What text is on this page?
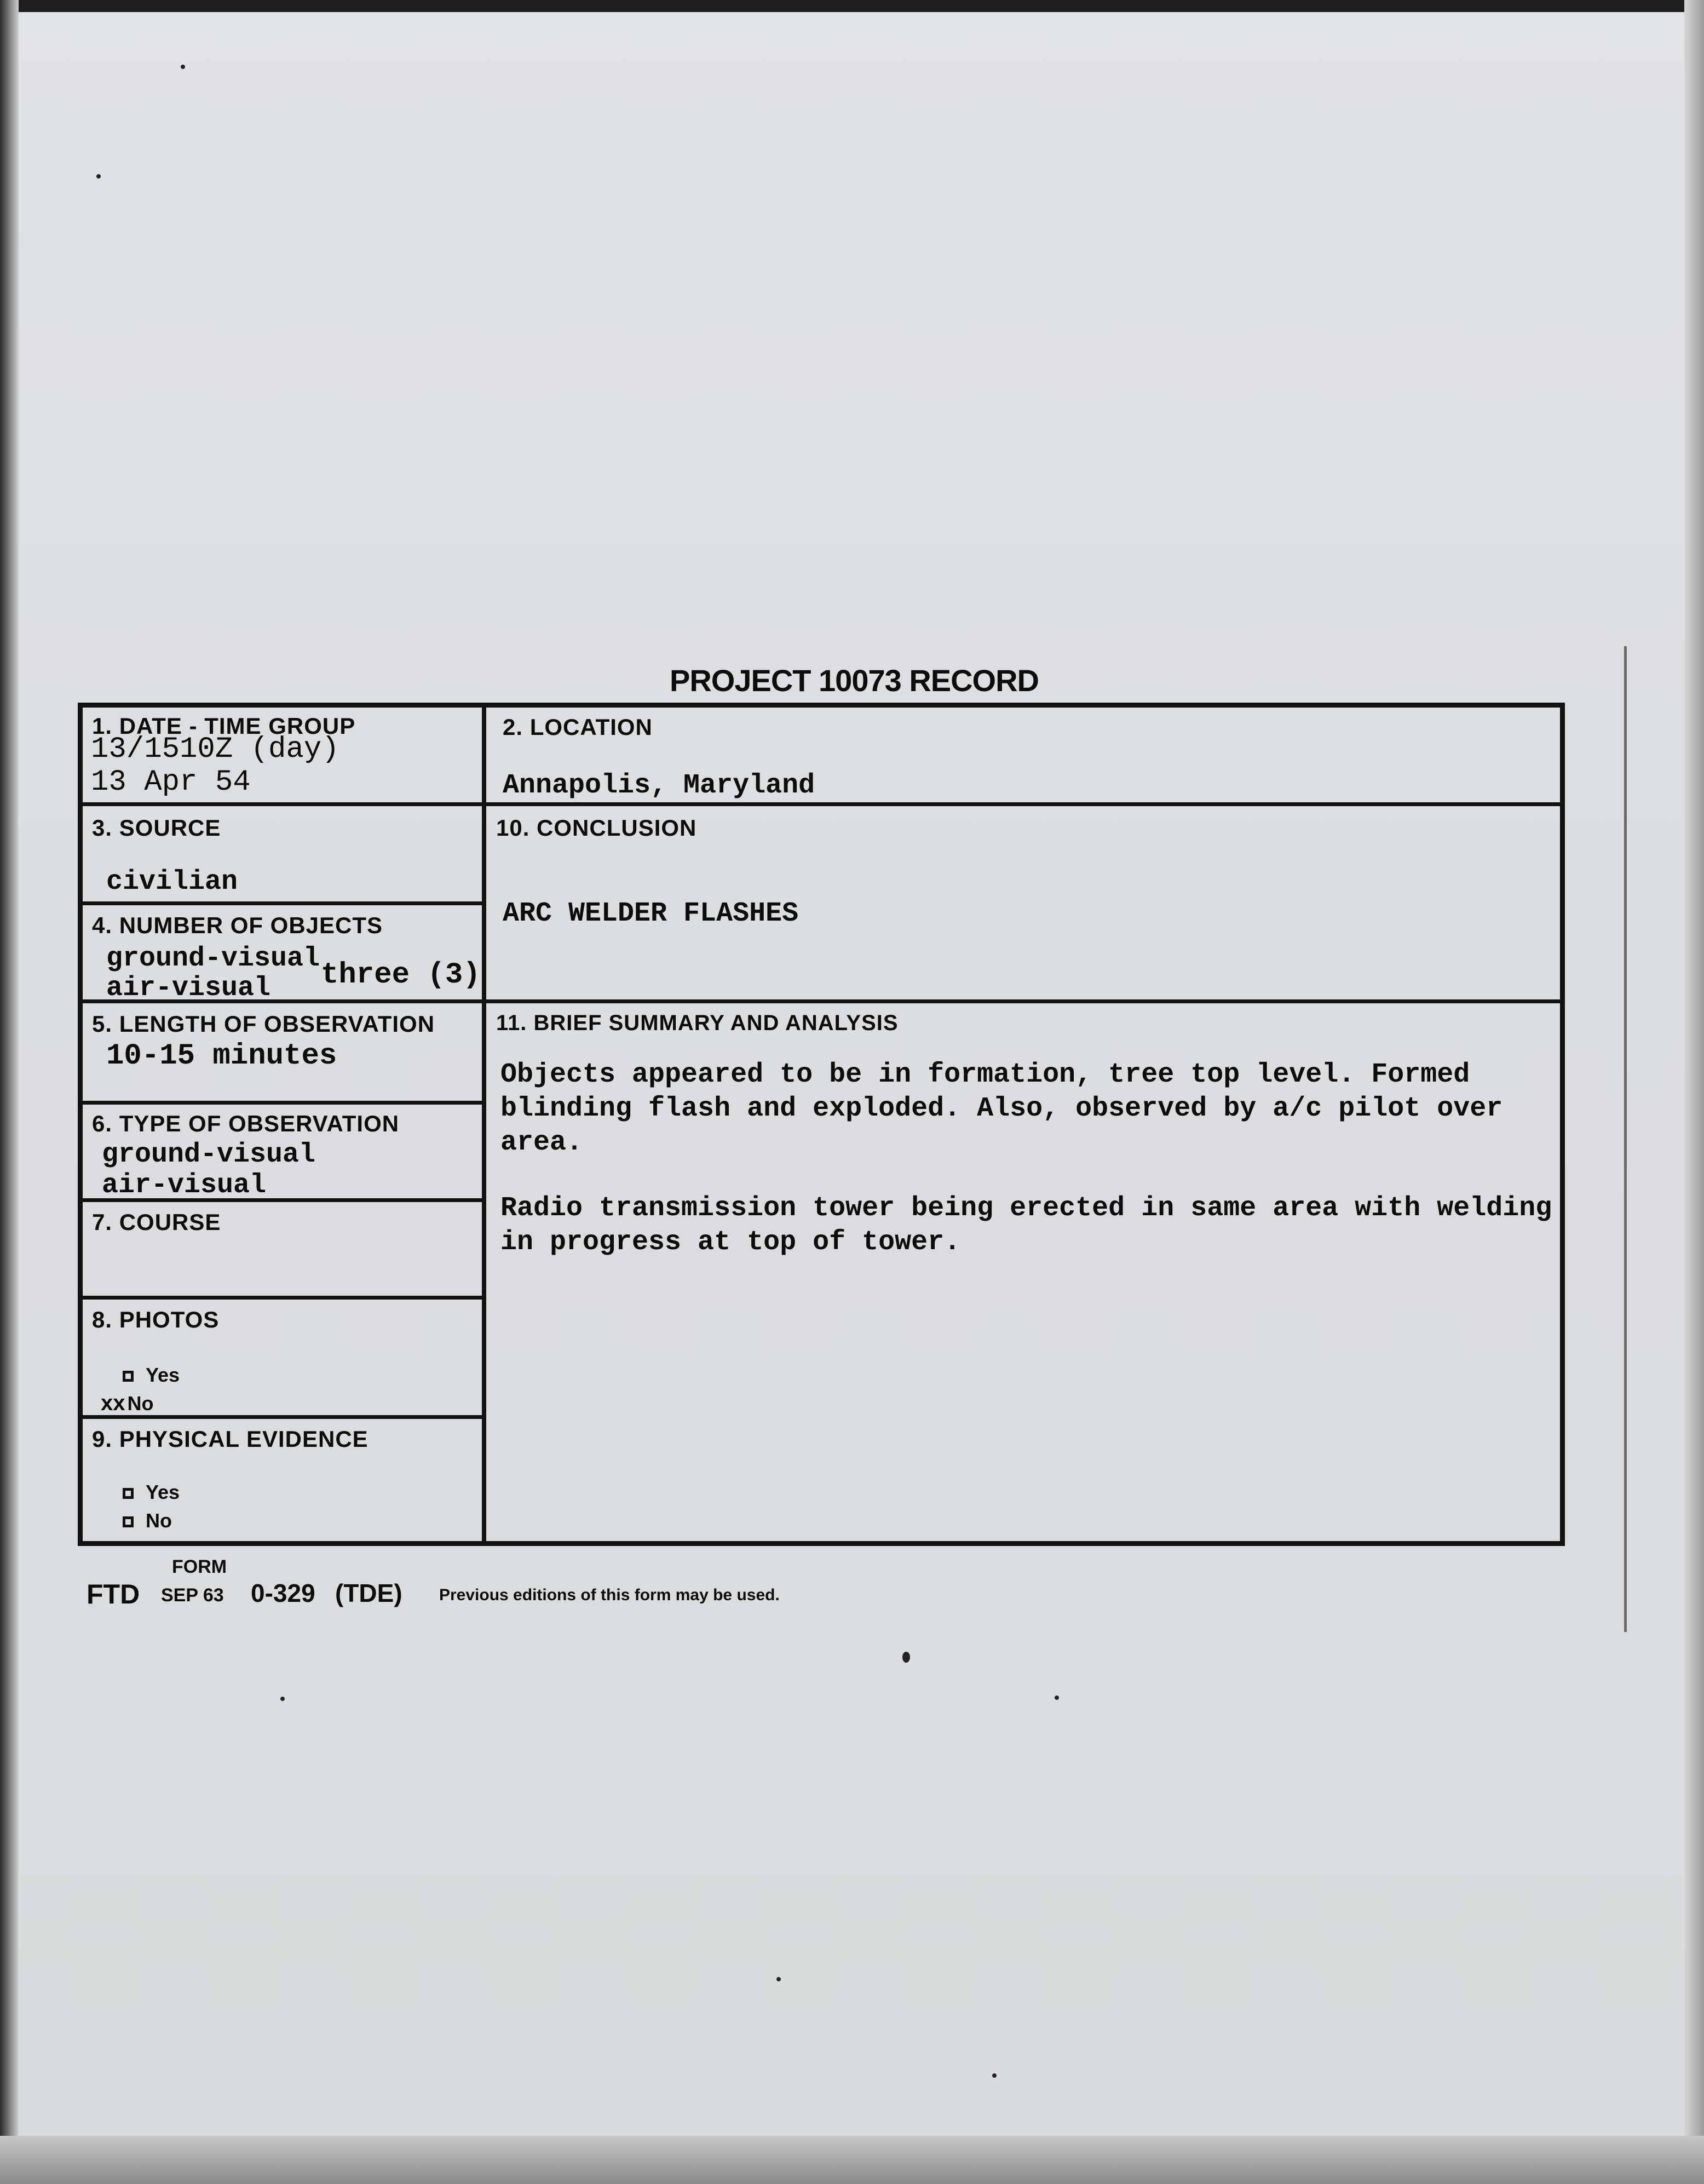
PROJECT 10073 RECORD
1. DATE - TIME GROUP
13/1510Z (day)
13 Apr 54
2. LOCATION
Annapolis, Maryland
3. SOURCE
civilian
4. NUMBER OF OBJECTS
ground-visual
air-visual three (3)
5. LENGTH OF OBSERVATION
10-15 minutes
6. TYPE OF OBSERVATION
ground-visual
air-visual
7. COURSE
8. PHOTOS
Yes
xx No
9. PHYSICAL EVIDENCE
Yes
No
10. CONCLUSION
ARC WELDER FLASHES
11. BRIEF SUMMARY AND ANALYSIS

Objects appeared to be in formation, tree top level. Formed blinding flash and exploded. Also, observed by a/c pilot over area.

Radio transmission tower being erected in same area with welding in progress at top of tower.

FORM
FTD SEP 63 0-329 (TDE) Previous editions of this form may be used.
